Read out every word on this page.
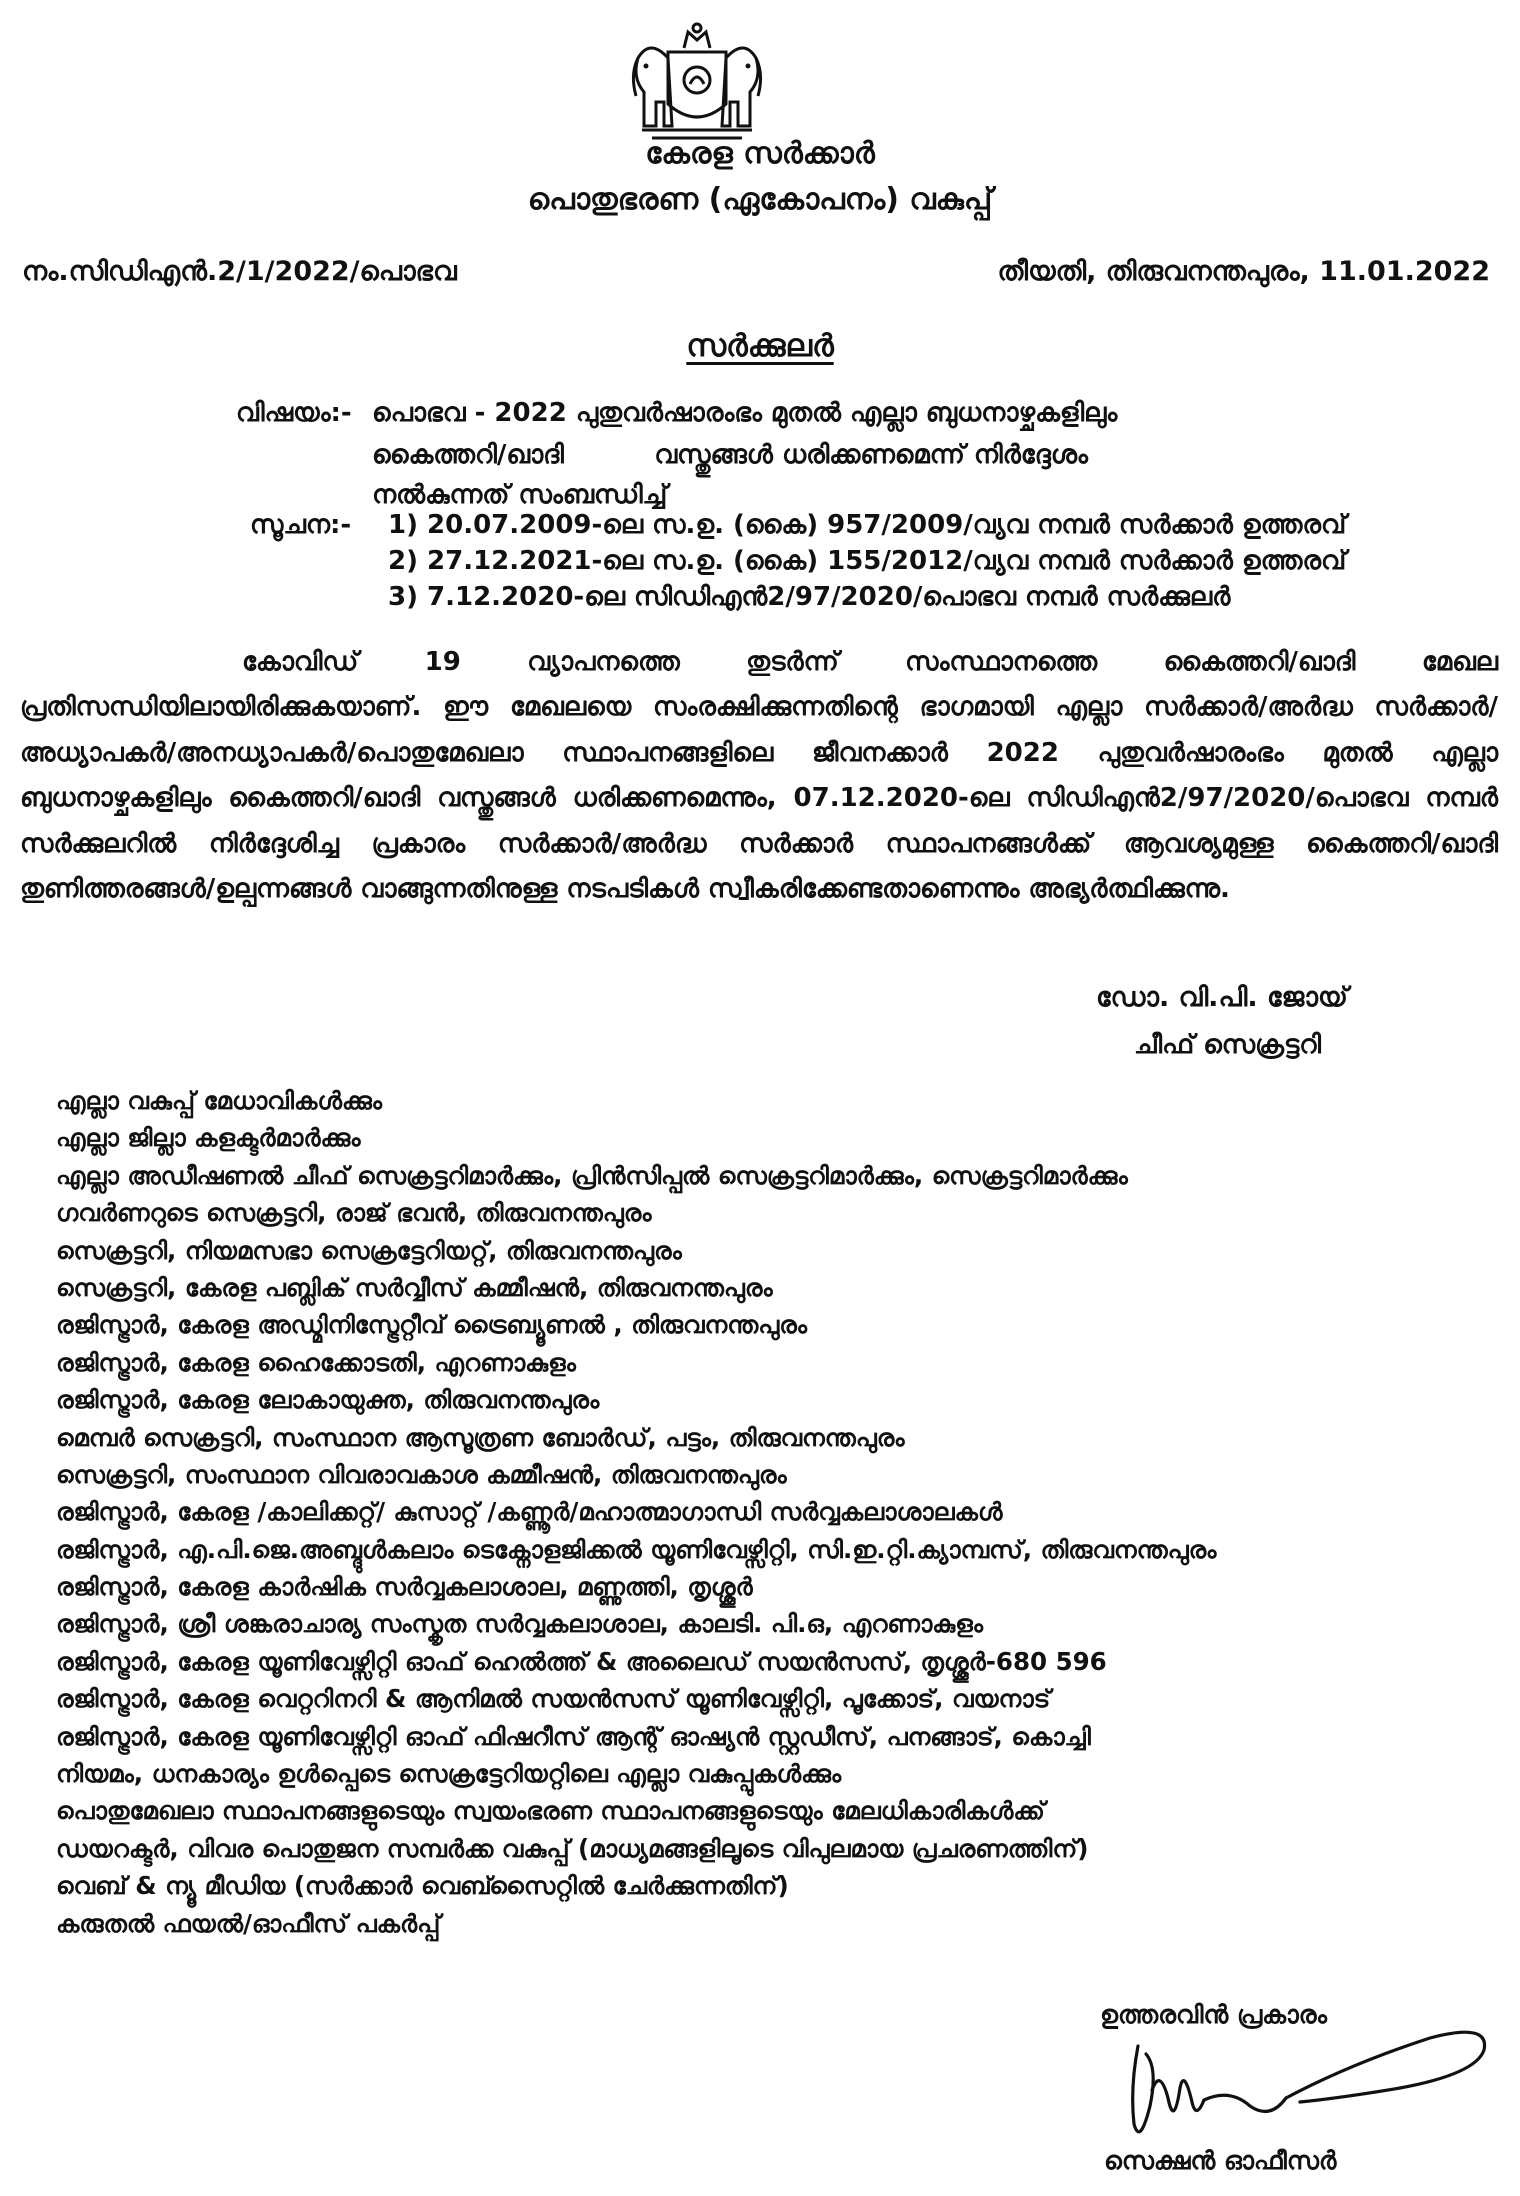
കേരള സർക്കാർ
പൊതുഭരണ (ഏകോപനം) വകുപ്പ്
നം.സിഡിഎൻ.2/1/2022/പൊഭവ	തീയതി, തിരുവനന്തപുരം, 11.01.2022
സർക്കുലർ
വിഷയം:- പൊഭവ - 2022 പുതുവർഷാരംഭം മുതൽ എല്ലാ ബുധനാഴ്ചകളിലും
കൈത്തറി/ഖാദി          വസ്തുങ്ങൾ ധരിക്കണമെന്ന് നിർദ്ദേശം
നൽകുന്നത് സംബന്ധിച്ച്
സൂചന:- 1) 20.07.2009-ലെ സ.ഉ. (കൈ) 957/2009/വ്യവ നമ്പർ സർക്കാർ ഉത്തരവ്
2) 27.12.2021-ലെ സ.ഉ. (കൈ) 155/2012/വ്യവ നമ്പർ സർക്കാർ ഉത്തരവ്
3) 7.12.2020-ലെ സിഡിഎൻ2/97/2020/പൊഭവ നമ്പർ സർക്കുലർ

കോവിഡ് 19 വ്യാപനത്തെ തുടർന്ന് സംസ്ഥാനത്തെ കൈത്തറി/ഖാദി മേഖല പ്രതിസന്ധിയിലായിരിക്കുകയാണ്. ഈ മേഖലയെ സംരക്ഷിക്കുന്നതിന്റെ ഭാഗമായി എല്ലാ സർക്കാർ/അർദ്ധ സർക്കാർ/അധ്യാപകർ/അനധ്യാപകർ/പൊതുമേഖലാ സ്ഥാപനങ്ങളിലെ ജീവനക്കാർ 2022 പുതുവർഷാരംഭം മുതൽ എല്ലാ ബുധനാഴ്ചകളിലും കൈത്തറി/ഖാദി വസ്തുങ്ങൾ ധരിക്കണമെന്നും, 07.12.2020-ലെ സിഡിഎൻ2/97/2020/പൊഭവ നമ്പർ സർക്കുലറിൽ നിർദ്ദേശിച്ച പ്രകാരം സർക്കാർ/അർദ്ധ സർക്കാർ സ്ഥാപനങ്ങൾക്ക് ആവശ്യമുള്ള കൈത്തറി/ഖാദി തുണിത്തരങ്ങൾ/ഉല്പന്നങ്ങൾ വാങ്ങുന്നതിനുള്ള നടപടികൾ സ്വീകരിക്കേണ്ടതാണെന്നും അഭ്യർത്ഥിക്കുന്നു.

ഡോ. വി.പി. ജോയ്
ചീഫ് സെക്രട്ടറി
എല്ലാ വകുപ്പ് മേധാവികൾക്കും
എല്ലാ ജില്ലാ കളക്ടർമാർക്കും
എല്ലാ അഡീഷണൽ ചീഫ് സെക്രട്ടറിമാർക്കും, പ്രിൻസിപ്പൽ സെക്രട്ടറിമാർക്കും, സെക്രട്ടറിമാർക്കും
ഗവർണറുടെ സെക്രട്ടറി, രാജ് ഭവൻ, തിരുവനന്തപുരം
സെക്രട്ടറി, നിയമസഭാ സെക്രട്ടേറിയറ്റ്, തിരുവനന്തപുരം
സെക്രട്ടറി, കേരള പബ്ലിക് സർവ്വീസ് കമ്മീഷൻ, തിരുവനന്തപുരം
രജിസ്ട്രാർ, കേരള അഡ്മിനിസ്ട്രേറ്റീവ് ട്രൈബ്യൂണൽ , തിരുവനന്തപുരം
രജിസ്ട്രാർ, കേരള ഹൈക്കോടതി, എറണാകുളം
രജിസ്ട്രാർ, കേരള ലോകായുക്ത, തിരുവനന്തപുരം
മെമ്പർ സെക്രട്ടറി, സംസ്ഥാന ആസൂത്രണ ബോർഡ്, പട്ടം, തിരുവനന്തപുരം
സെക്രട്ടറി, സംസ്ഥാന വിവരാവകാശ കമ്മീഷൻ, തിരുവനന്തപുരം
രജിസ്ട്രാർ, കേരള /കാലിക്കറ്റ്/ കുസാറ്റ് /കണ്ണൂർ/മഹാത്മാഗാന്ധി സർവ്വകലാശാലകൾ
രജിസ്ട്രാർ, എ.പി.ജെ.അബ്ദുൾകലാം ടെക്നോളജിക്കൽ യൂണിവേഴ്സിറ്റി, സി.ഇ.റ്റി.ക്യാമ്പസ്, തിരുവനന്തപുരം
രജിസ്ട്രാർ, കേരള കാർഷിക സർവ്വകലാശാല, മണ്ണുത്തി, തൃശ്ശൂർ
രജിസ്ട്രാർ, ശ്രീ ശങ്കരാചാര്യ സംസ്കൃത സർവ്വകലാശാല, കാലടി. പി.ഒ, എറണാകുളം
രജിസ്ട്രാർ, കേരള യൂണിവേഴ്സിറ്റി ഓഫ് ഹെൽത്ത് & അലൈഡ് സയൻസസ്, തൃശ്ശൂർ-680 596
രജിസ്ട്രാർ, കേരള വെറ്ററിനറി & ആനിമൽ സയൻസസ് യൂണിവേഴ്സിറ്റി, പൂക്കോട്, വയനാട്
രജിസ്ട്രാർ, കേരള യൂണിവേഴ്സിറ്റി ഓഫ് ഫിഷറീസ് ആന്റ് ഓഷ്യൻ സ്റ്റഡീസ്, പനങ്ങാട്, കൊച്ചി
നിയമം, ധനകാര്യം ഉൾപ്പെടെ സെക്രട്ടേറിയറ്റിലെ എല്ലാ വകുപ്പുകൾക്കും
പൊതുമേഖലാ സ്ഥാപനങ്ങളുടെയും സ്വയംഭരണ സ്ഥാപനങ്ങളുടെയും മേലധികാരികൾക്ക്
ഡയറക്ടർ, വിവര പൊതുജന സമ്പർക്ക വകുപ്പ് (മാധ്യമങ്ങളിലൂടെ വിപുലമായ പ്രചരണത്തിന്)
വെബ് & ന്യൂ മീഡിയ (സർക്കാർ വെബ്സൈറ്റിൽ ചേർക്കുന്നതിന്)
കരുതൽ ഫയൽ/ഓഫീസ് പകർപ്പ്
ഉത്തരവിൻ പ്രകാരം
സെക്ഷൻ ഓഫീസർ
